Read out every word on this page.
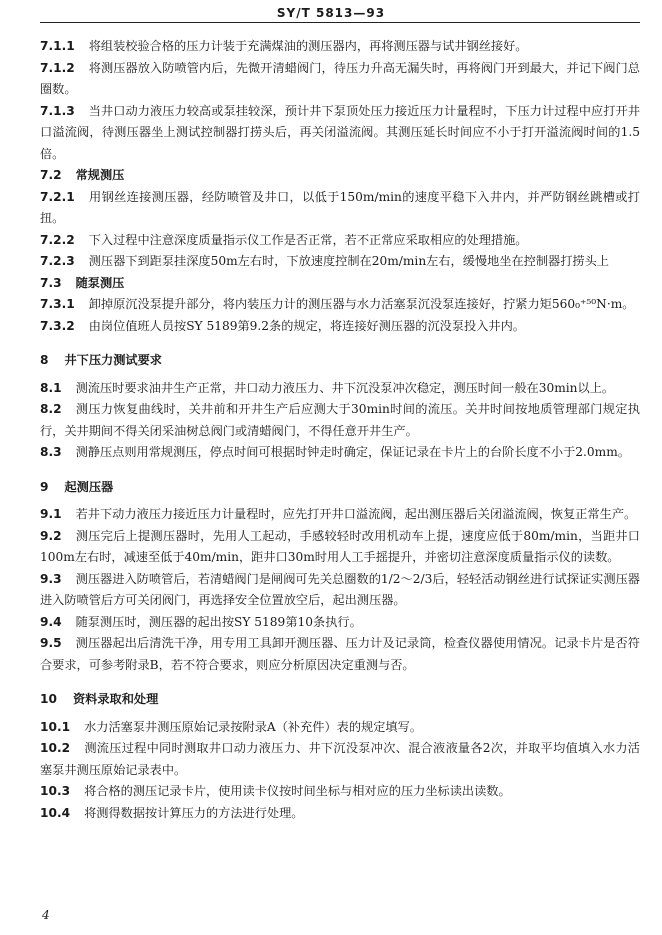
SY/T 5813—93
7.1.1 将组装校验合格的压力计装于充满煤油的测压器内，再将测压器与试井钢丝接好。
7.1.2 将测压器放入防喷管内后，先微开清蜡阀门，待压力升高无漏失时，再将阀门开到最大，并记下阀门总圈数。
7.1.3 当井口动力液压力较高或泵挂较深，预计井下泵顶处压力接近压力计量程时，下压力计过程中应打开井口溢流阀，待测压器坐上测试控制器打捞头后，再关闭溢流阀。其测压延长时间应不小于打开溢流阀时间的1.5倍。
7.2 常规测压
7.2.1 用钢丝连接测压器，经防喷管及井口，以低于150m/min的速度平稳下入井内，并严防钢丝跳槽或打扭。
7.2.2 下入过程中注意深度质量指示仪工作是否正常，若不正常应采取相应的处理措施。
7.2.3 测压器下到距泵挂深度50m左右时，下放速度控制在20m/min左右，缓慢地坐在控制器打捞头上
7.3 随泵测压
7.3.1 卸掉原沉没泵提升部分，将内装压力计的测压器与水力活塞泵沉没泵连接好，拧紧力矩560₀⁺⁵⁰N·m。
7.3.2 由岗位值班人员按SY 5189第9.2条的规定，将连接好测压器的沉没泵投入井内。
8 井下压力测试要求
8.1 测流压时要求油井生产正常，井口动力液压力、井下沉没泵冲次稳定，测压时间一般在30min以上。
8.2 测压力恢复曲线时，关井前和开井生产后应测大于30min时间的流压。关井时间按地质管理部门规定执行，关井期间不得关闭采油树总阀门或清蜡阀门，不得任意开井生产。
8.3 测静压点则用常规测压，停点时间可根据时钟走时确定，保证记录在卡片上的台阶长度不小于2.0mm。
9 起测压器
9.1 若井下动力液压力接近压力计量程时，应先打开井口溢流阀，起出测压器后关闭溢流阀，恢复正常生产。
9.2 测压完后上提测压器时，先用人工起动，手感较轻时改用机动车上提，速度应低于80m/min，当距井口100m左右时，减速至低于40m/min，距井口30m时用人工手摇提升，并密切注意深度质量指示仪的读数。
9.3 测压器进入防喷管后，若清蜡阀门是闸阀可先关总圈数的1/2～2/3后，轻轻活动钢丝进行试探证实测压器进入防喷管后方可关闭阀门，再选择安全位置放空后，起出测压器。
9.4 随泵测压时，测压器的起出按SY 5189第10条执行。
9.5 测压器起出后清洗干净，用专用工具卸开测压器、压力计及记录筒，检查仪器使用情况。记录卡片是否符合要求，可参考附录B，若不符合要求，则应分析原因决定重测与否。
10 资料录取和处理
10.1 水力活塞泵井测压原始记录按附录A（补充件）表的规定填写。
10.2 测流压过程中同时测取井口动力液压力、井下沉没泵冲次、混合液液量各2次，并取平均值填入水力活塞泵井测压原始记录表中。
10.3 将合格的测压记录卡片，使用读卡仪按时间坐标与相对应的压力坐标读出读数。
10.4 将测得数据按计算压力的方法进行处理。
4
